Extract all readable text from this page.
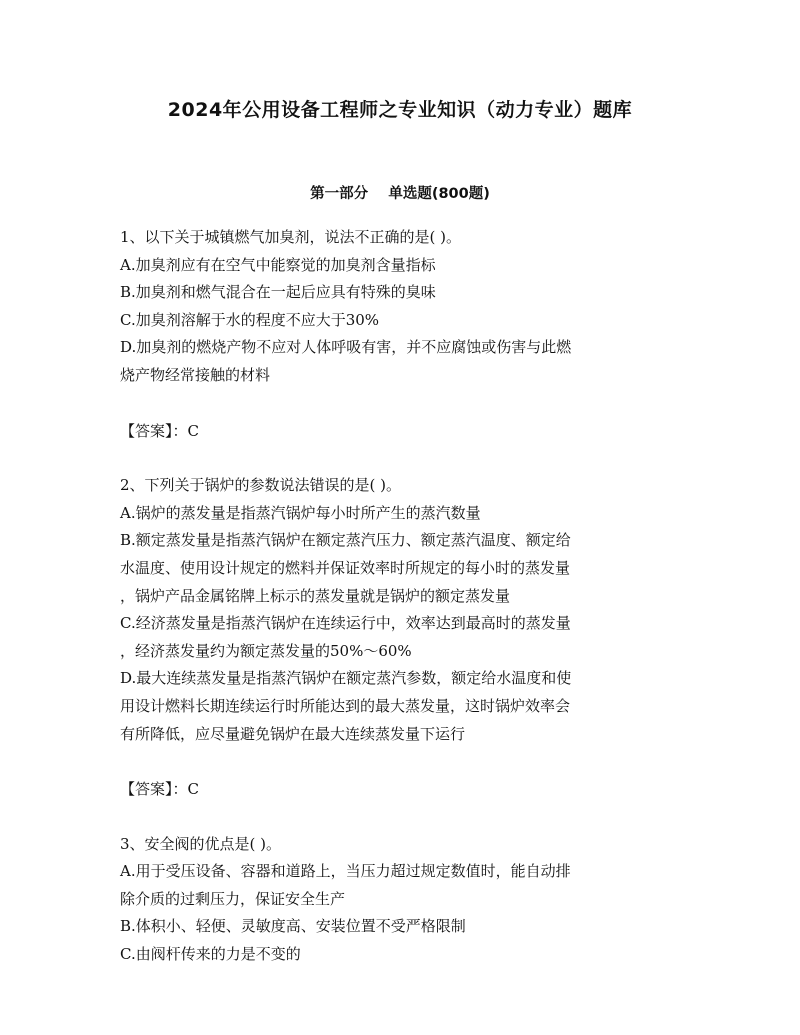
2024年公用设备工程师之专业知识（动力专业）题库
第一部分    单选题(800题)
1、以下关于城镇燃气加臭剂，说法不正确的是( )。
A.加臭剂应有在空气中能察觉的加臭剂含量指标
B.加臭剂和燃气混合在一起后应具有特殊的臭味
C.加臭剂溶解于水的程度不应大于30%
D.加臭剂的燃烧产物不应对人体呼吸有害，并不应腐蚀或伤害与此燃
烧产物经常接触的材料
【答案】：C
2、下列关于锅炉的参数说法错误的是( )。
A.锅炉的蒸发量是指蒸汽锅炉每小时所产生的蒸汽数量
B.额定蒸发量是指蒸汽锅炉在额定蒸汽压力、额定蒸汽温度、额定给
水温度、使用设计规定的燃料并保证效率时所规定的每小时的蒸发量
，锅炉产品金属铭牌上标示的蒸发量就是锅炉的额定蒸发量
C.经济蒸发量是指蒸汽锅炉在连续运行中，效率达到最高时的蒸发量
，经济蒸发量约为额定蒸发量的50%～60%
D.最大连续蒸发量是指蒸汽锅炉在额定蒸汽参数，额定给水温度和使
用设计燃料长期连续运行时所能达到的最大蒸发量，这时锅炉效率会
有所降低，应尽量避免锅炉在最大连续蒸发量下运行
【答案】：C
3、安全阀的优点是( )。
A.用于受压设备、容器和道路上，当压力超过规定数值时，能自动排
除介质的过剩压力，保证安全生产
B.体积小、轻便、灵敏度高、安装位置不受严格限制
C.由阀杆传来的力是不变的
